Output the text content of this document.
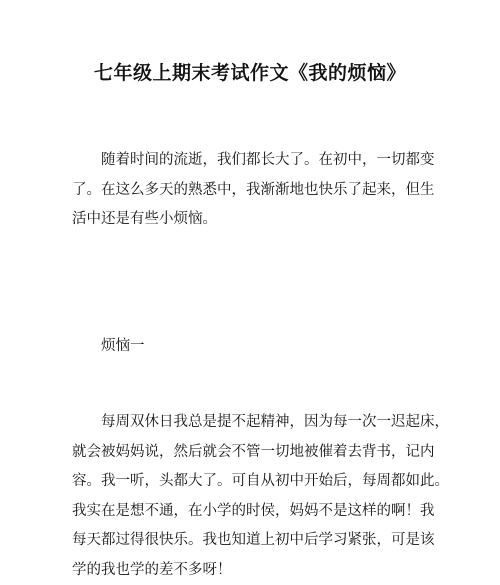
七年级上期末考试作文《我的烦恼》
随着时间的流逝，我们都长大了。在初中，一切都变
了。在这么多天的熟悉中，我渐渐地也快乐了起来，但生
活中还是有些小烦恼。
烦恼一
每周双休日我总是提不起精神，因为每一次一迟起床，
就会被妈妈说，然后就会不管一切地被催着去背书，记内
容。我一听，头都大了。可自从初中开始后，每周都如此。
我实在是想不通，在小学的时侯，妈妈不是这样的啊！我
每天都过得很快乐。我也知道上初中后学习紧张，可是该
学的我也学的差不多呀！
